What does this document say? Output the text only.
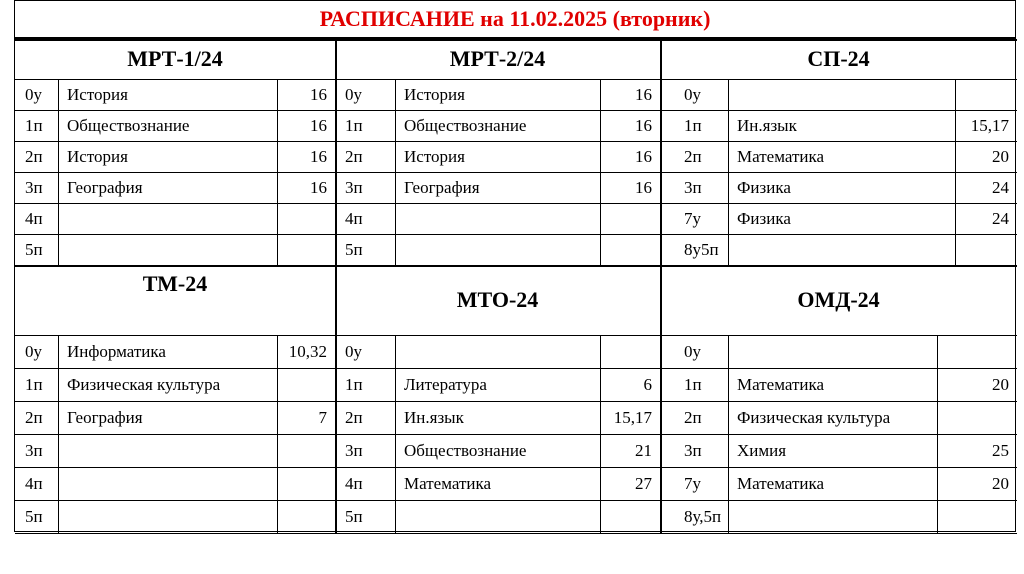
РАСПИСАНИЕ на 11.02.2025 (вторник)
МРТ-1/24
0у	История	16
1п	Обществознание	16
2п	История	16
3п	География	16
4п
5п
МРТ-2/24
0у	История	16
1п	Обществознание	16
2п	История	16
3п	География	16
4п
5п
СП-24
0у
1п	Ин.язык	15,17
2п	Математика	20
3п	Физика	24
7у	Физика	24
8у5п
ТМ-24
0у	Информатика	10,32
1п	Физическая культура
2п	География	7
3п
4п
5п
МТО-24
0у
1п	Литература	6
2п	Ин.язык	15,17
3п	Обществознание	21
4п	Математика	27
5п
ОМД-24
0у
1п	Математика	20
2п	Физическая культура
3п	Химия	25
7у	Математика	20
8у,5п
